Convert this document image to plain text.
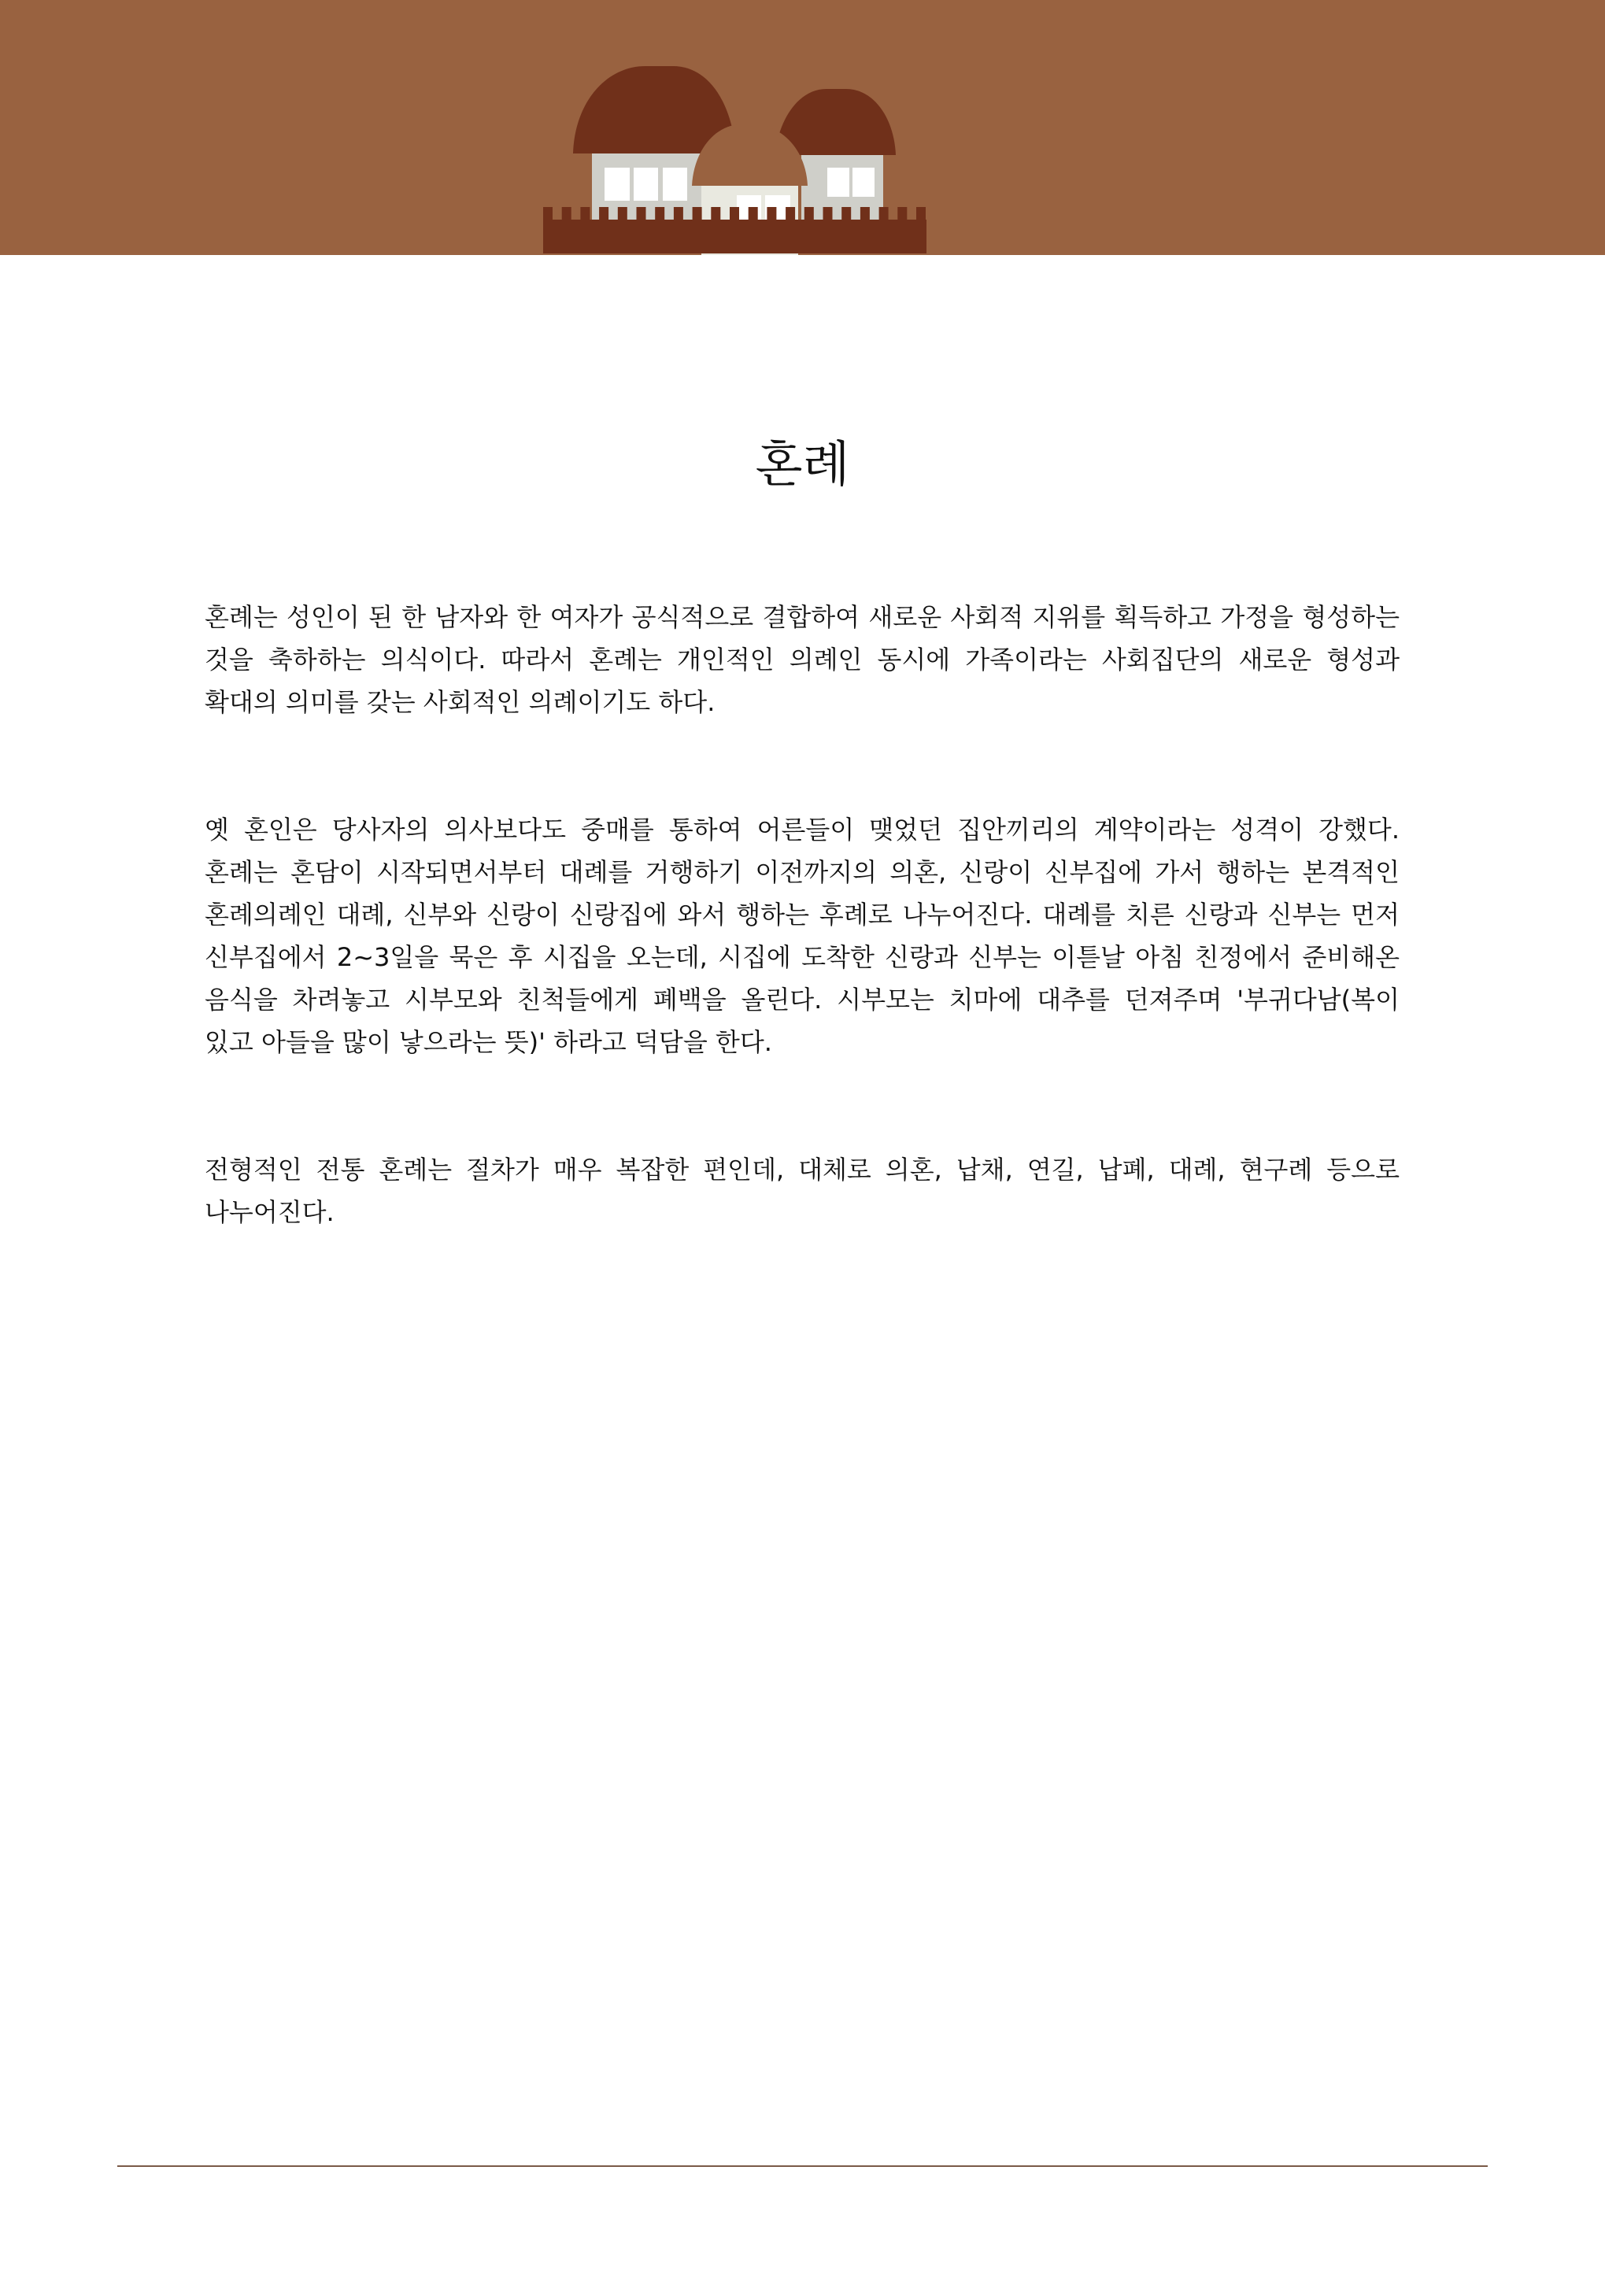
혼례
혼례는 성인이 된 한 남자와 한 여자가 공식적으로 결합하여 새로운 사회적 지위를 획득하고 가정을 형성하는
것을 축하하는 의식이다. 따라서 혼례는 개인적인 의례인 동시에 가족이라는 사회집단의 새로운 형성과
확대의 의미를 갖는 사회적인 의례이기도 하다.
옛 혼인은 당사자의 의사보다도 중매를 통하여 어른들이 맺었던 집안끼리의 계약이라는 성격이 강했다.
혼례는 혼담이 시작되면서부터 대례를 거행하기 이전까지의 의혼, 신랑이 신부집에 가서 행하는 본격적인
혼례의례인 대례, 신부와 신랑이 신랑집에 와서 행하는 후례로 나누어진다. 대례를 치른 신랑과 신부는 먼저
신부집에서 2~3일을 묵은 후 시집을 오는데, 시집에 도착한 신랑과 신부는 이튿날 아침 친정에서 준비해온
음식을 차려놓고 시부모와 친척들에게 폐백을 올린다. 시부모는 치마에 대추를 던져주며 '부귀다남(복이
있고 아들을 많이 낳으라는 뜻)' 하라고 덕담을 한다.
전형적인 전통 혼례는 절차가 매우 복잡한 편인데, 대체로 의혼, 납채, 연길, 납폐, 대례, 현구례 등으로
나누어진다.
